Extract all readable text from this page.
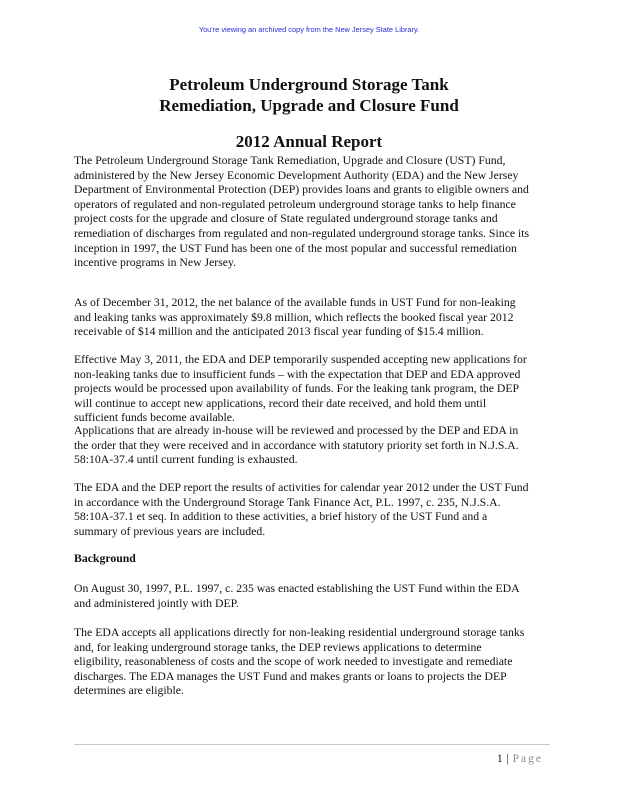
You're viewing an archived copy from the New Jersey State Library.
Petroleum Underground Storage Tank
Remediation, Upgrade and Closure Fund
2012 Annual Report
The Petroleum Underground Storage Tank Remediation, Upgrade and Closure (UST) Fund,
administered by the New Jersey Economic Development Authority (EDA) and the New Jersey
Department of Environmental Protection (DEP) provides loans and grants to eligible owners and
operators of regulated and non-regulated petroleum underground storage tanks to help finance
project costs for the upgrade and closure of State regulated underground storage tanks and
remediation of discharges from regulated and non-regulated underground storage tanks. Since its
inception in 1997, the UST Fund has been one of the most popular and successful remediation
incentive programs in New Jersey.
As of December 31, 2012, the net balance of the available funds in UST Fund for non-leaking
and leaking tanks was approximately $9.8 million, which reflects the booked fiscal year 2012
receivable of $14 million and the anticipated 2013 fiscal year funding of $15.4 million.
Effective May 3, 2011, the EDA and DEP temporarily suspended accepting new applications for
non-leaking tanks due to insufficient funds – with the expectation that DEP and EDA approved
projects would be processed upon availability of funds. For the leaking tank program, the DEP
will continue to accept new applications, record their date received, and hold them until
sufficient funds become available.
Applications that are already in-house will be reviewed and processed by the DEP and EDA in
the order that they were received and in accordance with statutory priority set forth in N.J.S.A.
58:10A-37.4 until current funding is exhausted.
The EDA and the DEP report the results of activities for calendar year 2012 under the UST Fund
in accordance with the Underground Storage Tank Finance Act, P.L. 1997, c. 235, N.J.S.A.
58:10A-37.1 et seq. In addition to these activities, a brief history of the UST Fund and a
summary of previous years are included.
Background
On August 30, 1997, P.L. 1997, c. 235 was enacted establishing the UST Fund within the EDA
and administered jointly with DEP.
The EDA accepts all applications directly for non-leaking residential underground storage tanks
and, for leaking underground storage tanks, the DEP reviews applications to determine
eligibility, reasonableness of costs and the scope of work needed to investigate and remediate
discharges. The EDA manages the UST Fund and makes grants or loans to projects the DEP
determines are eligible.
1 | Page
